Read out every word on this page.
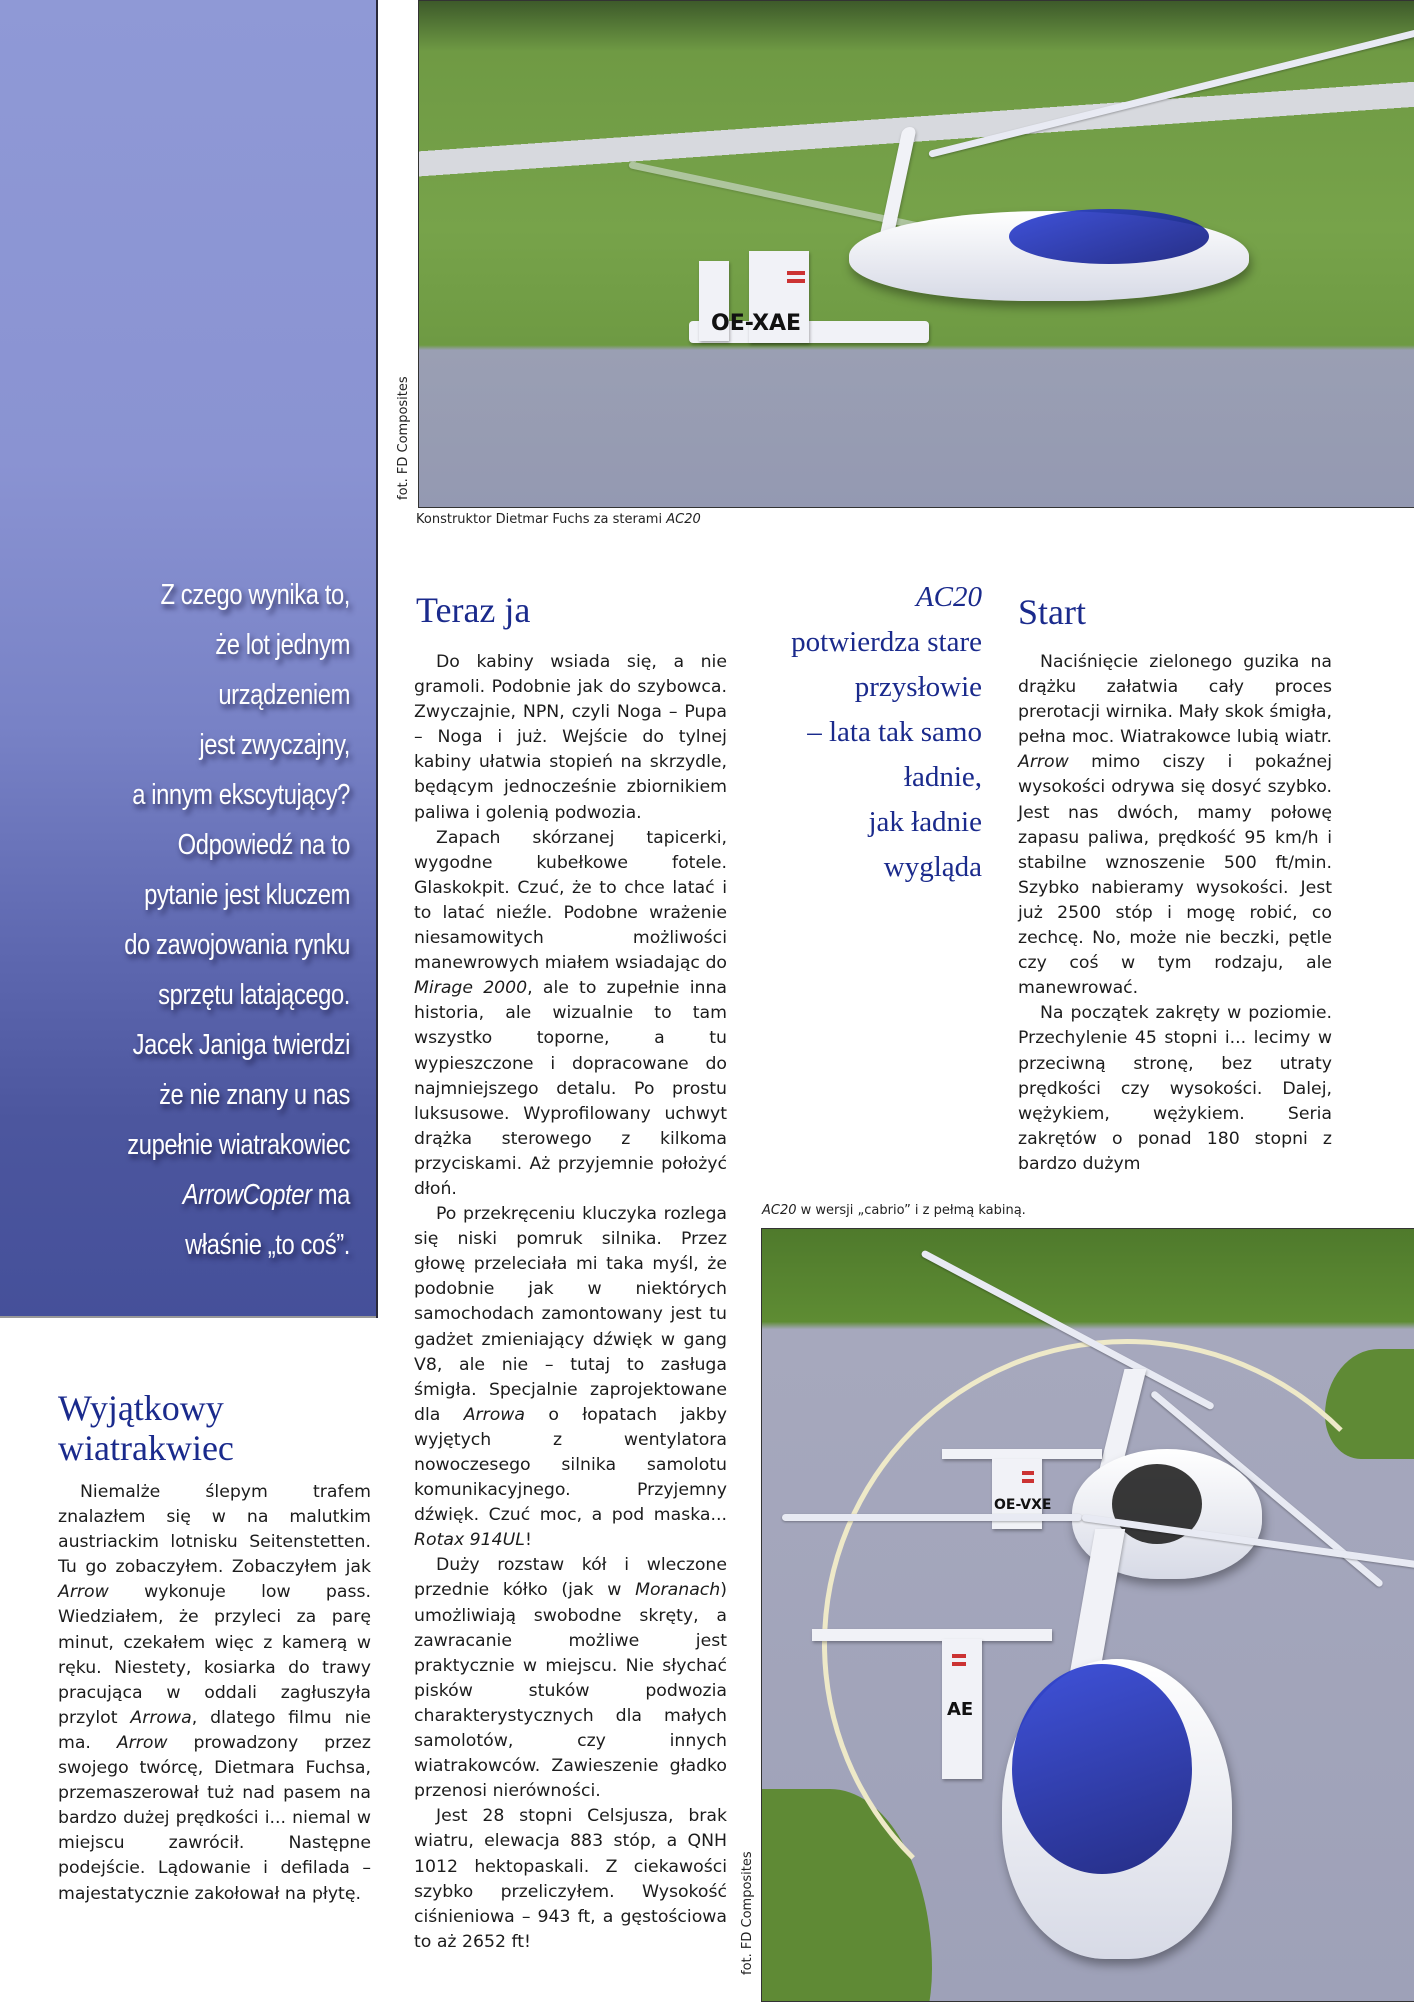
Z czego wynika to,
że lot jednym
urządzeniem
jest zwyczajny,
a innym ekscytujący?
Odpowiedź na to
pytanie jest kluczem
do zawojowania rynku
sprzętu latającego.
Jacek Janiga twierdzi
że nie znany u nas
zupełnie wiatrakowiec
ArrowCopter ma
właśnie „to coś”.
OE-XAE
fot. FD Composites
Konstruktor Dietmar Fuchs za sterami AC20
Teraz ja

Do kabiny wsiada się, a nie gramoli. Podobnie jak do szybowca. Zwyczajnie, NPN, czyli Noga – Pupa – Noga i już. Wejście do tylnej kabiny ułatwia stopień na skrzydle, będącym jednocześnie zbiornikiem paliwa i golenią podwozia.

Zapach skórzanej tapicerki, wygodne kubełkowe fotele. Glaskokpit. Czuć, że to chce latać i to latać nieźle. Podobne wrażenie niesamowitych możliwości manewrowych miałem wsiadając do Mirage 2000, ale to zupełnie inna historia, ale wizualnie to tam wszystko toporne, a tu wypieszczone i dopracowane do najmniejszego detalu. Po prostu luksusowe. Wyprofilowany uchwyt drążka sterowego z kilkoma przyciskami. Aż przyjemnie położyć dłoń.

Po przekręceniu kluczyka rozlega się niski pomruk silnika. Przez głowę przeleciała mi taka myśl, że podobnie jak w niektórych samochodach zamontowany jest tu gadżet zmieniający dźwięk w gang V8, ale nie – tutaj to zasługa śmigła. Specjalnie zaprojektowane dla Arrowa o łopatach jakby wyjętych z wentylatora nowoczesego silnika samolotu komunikacyjnego. Przyjemny dźwięk. Czuć moc, a pod maska... Rotax 914UL!

Duży rozstaw kół i wleczone przednie kółko (jak w Moranach) umożliwiają swobodne skręty, a zawracanie możliwe jest praktycznie w miejscu. Nie słychać pisków stuków podwozia charakterystycznych dla małych samolotów, czy innych wiatrakowców. Zawieszenie gładko przenosi nierówności.

Jest 28 stopni Celsjusza, brak wiatru, elewacja 883 stóp, a QNH 1012 hektopaskali. Z ciekawości szybko przeliczyłem. Wysokość ciśnieniowa – 943 ft, a gęstościowa to aż 2652 ft!

Wyjątkowy
wiatrakwiec

Niemalże ślepym trafem znalazłem się w na malutkim austriackim lotnisku Seitenstetten. Tu go zobaczyłem. Zobaczyłem jak Arrow wykonuje low pass. Wiedziałem, że przyleci za parę minut, czekałem więc z kamerą w ręku. Niestety, kosiarka do trawy pracująca w oddali zagłuszyła przylot Arrowa, dlatego filmu nie ma. Arrow prowadzony przez swojego twórcę, Dietmara Fuchsa, przemaszerował tuż nad pasem na bardzo dużej prędkości i... niemal w miejscu zawrócił. Następne podejście. Lądowanie i defilada – majestatycznie zakołował na płytę.

AC20
potwierdza stare
przysłowie
– lata tak samo
ładnie,
jak ładnie
wygląda
Start

Naciśnięcie zielonego guzika na drążku załatwia cały proces prerotacji wirnika. Mały skok śmigła, pełna moc. Wiatrakowce lubią wiatr. Arrow mimo ciszy i pokaźnej wysokości odrywa się dosyć szybko. Jest nas dwóch, mamy połowę zapasu paliwa, prędkość 95 km/h i stabilne wznoszenie 500 ft/min. Szybko nabieramy wysokości. Jest już 2500 stóp i mogę robić, co zechcę. No, może nie beczki, pętle czy coś w tym rodzaju, ale manewrować.

Na początek zakręty w poziomie. Przechylenie 45 stopni i... lecimy w przeciwną stronę, bez utraty prędkości czy wysokości. Dalej, wężykiem, wężykiem. Seria zakrętów o ponad 180 stopni z bardzo dużym

AC20 w wersji „cabrio” i z pełmą kabiną.
OE-VXE
AE
fot. FD Composites
